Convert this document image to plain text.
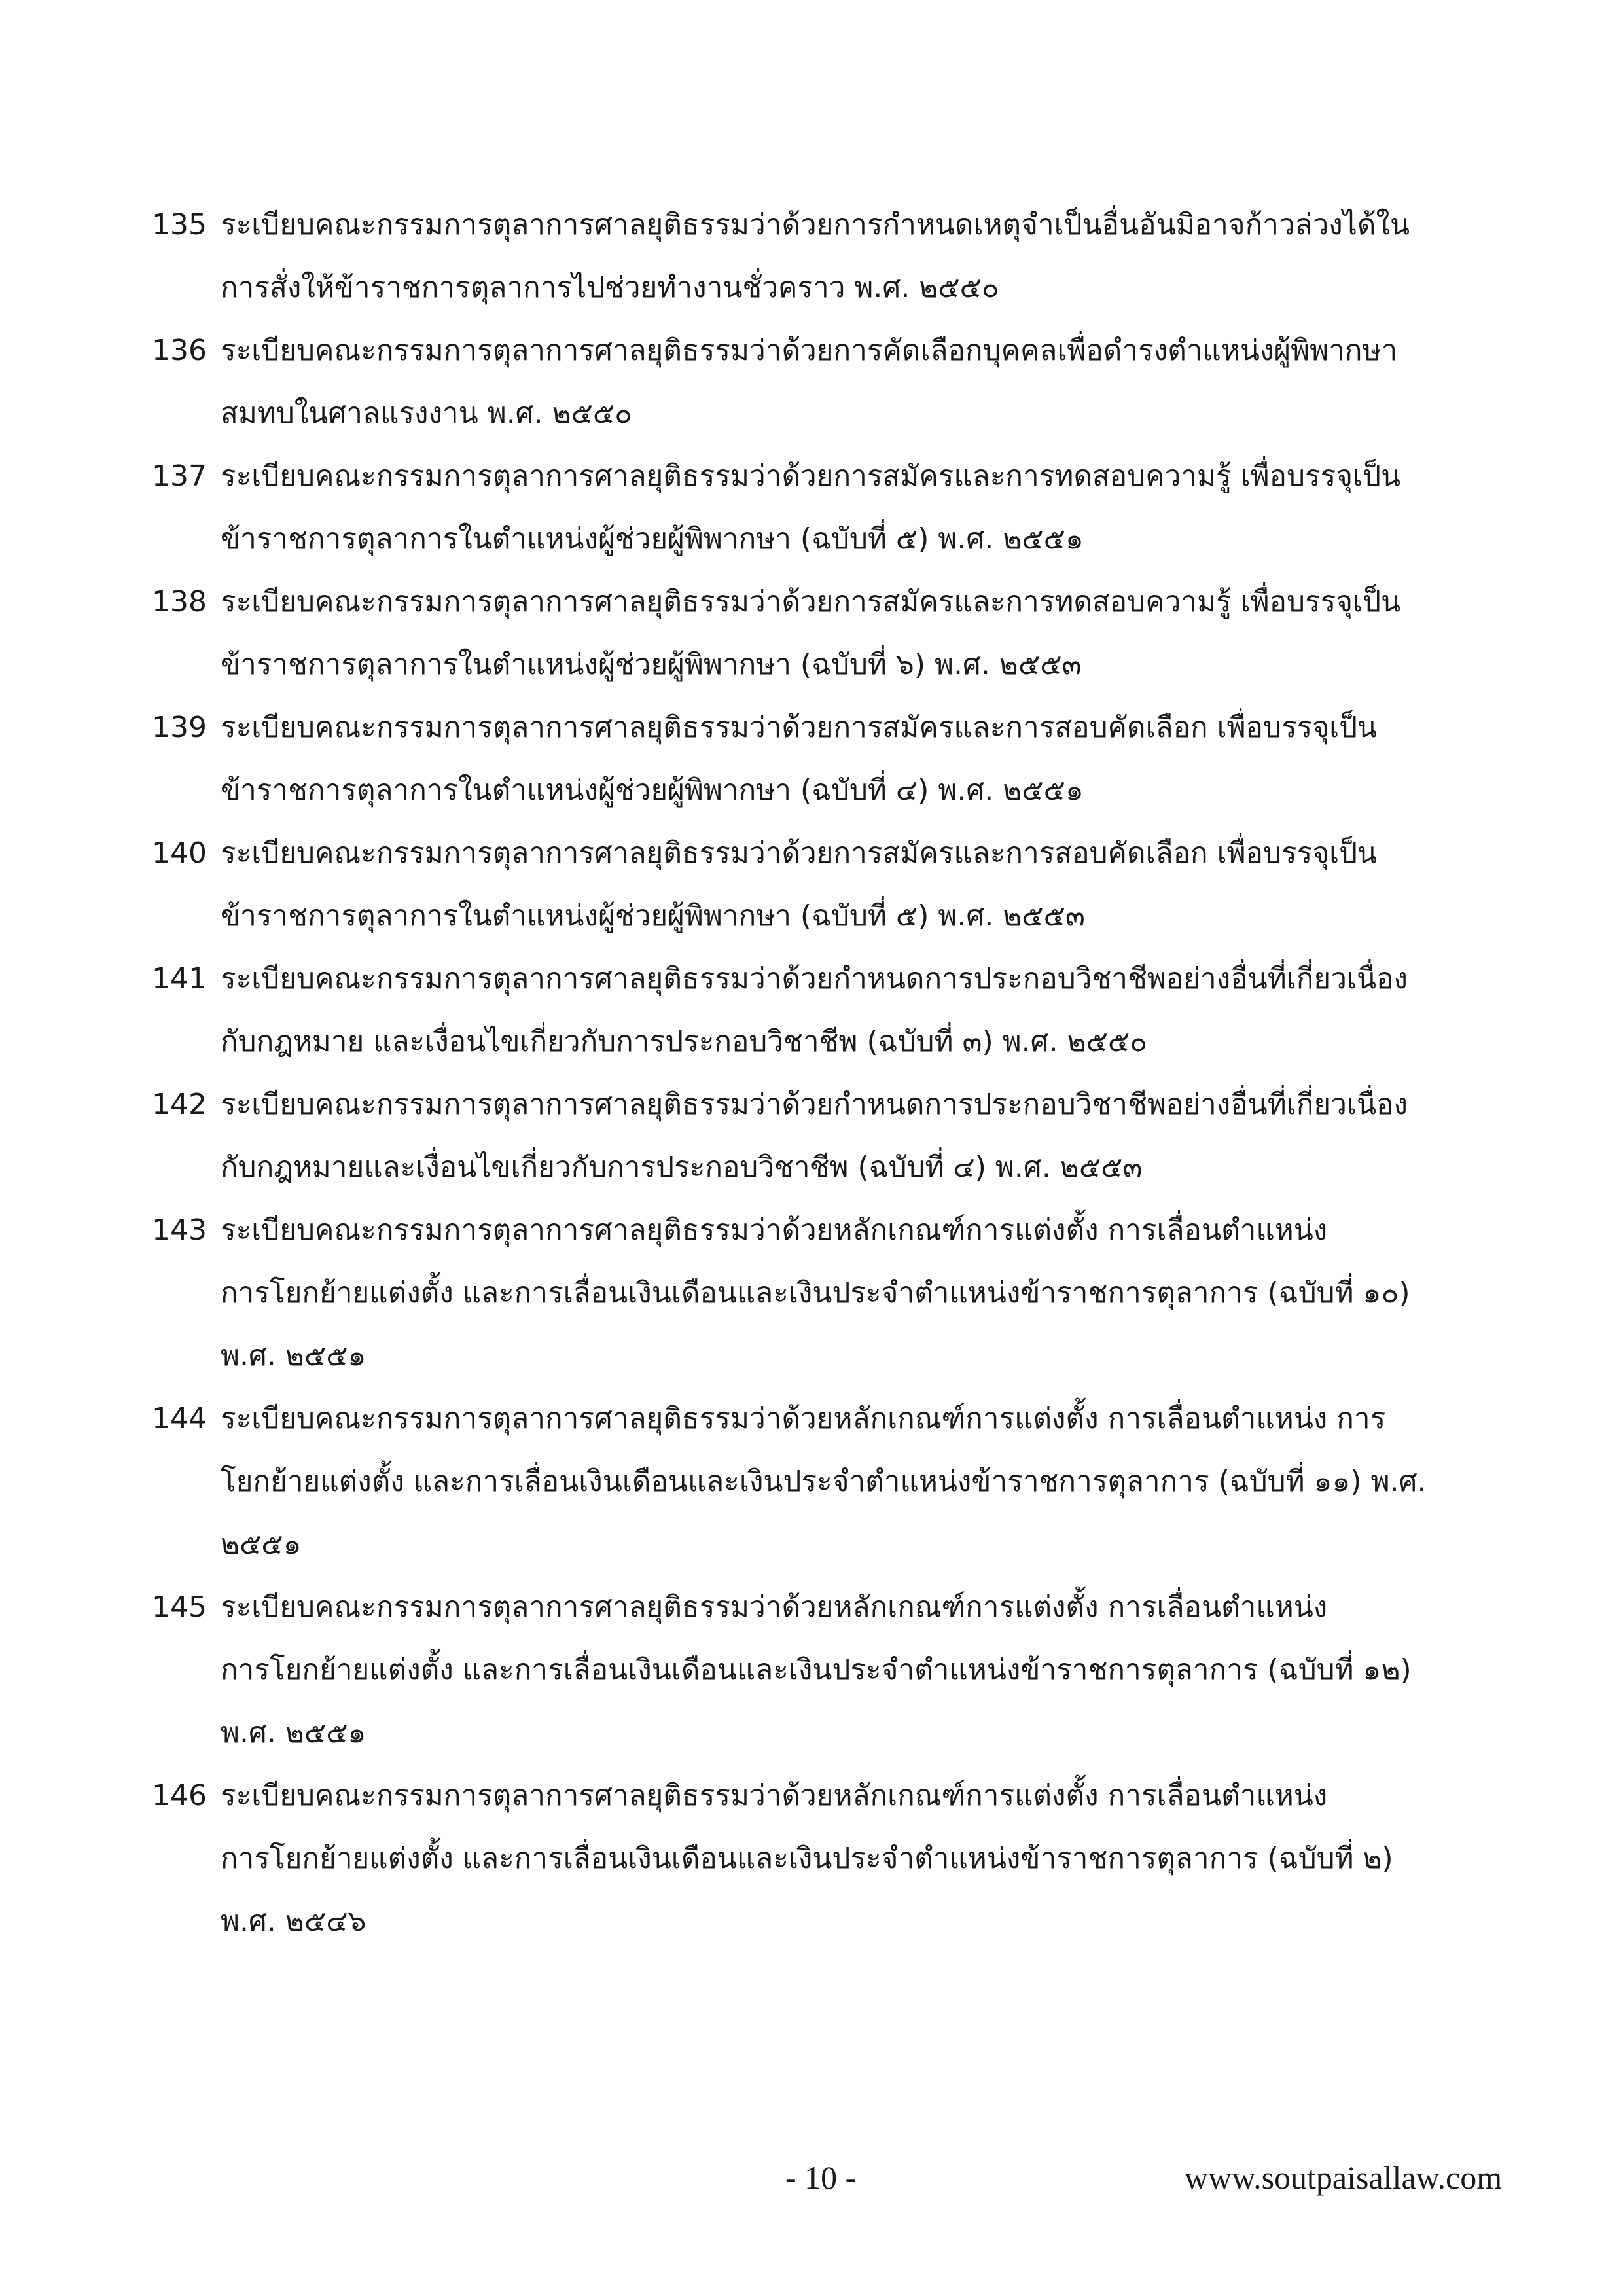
135 ระเบียบคณะกรรมการตุลาการศาลยุติธรรมว่าด้วยการกำหนดเหตุจำเป็นอื่นอันมิอาจก้าวล่วงได้ใน
การสั่งให้ข้าราชการตุลาการไปช่วยทำงานชั่วคราว พ.ศ. ๒๕๕๐
136 ระเบียบคณะกรรมการตุลาการศาลยุติธรรมว่าด้วยการคัดเลือกบุคคลเพื่อดำรงตำแหน่งผู้พิพากษา
สมทบในศาลแรงงาน พ.ศ. ๒๕๕๐
137 ระเบียบคณะกรรมการตุลาการศาลยุติธรรมว่าด้วยการสมัครและการทดสอบความรู้ เพื่อบรรจุเป็น
ข้าราชการตุลาการในตำแหน่งผู้ช่วยผู้พิพากษา (ฉบับที่ ๕) พ.ศ. ๒๕๕๑
138 ระเบียบคณะกรรมการตุลาการศาลยุติธรรมว่าด้วยการสมัครและการทดสอบความรู้ เพื่อบรรจุเป็น
ข้าราชการตุลาการในตำแหน่งผู้ช่วยผู้พิพากษา (ฉบับที่ ๖) พ.ศ. ๒๕๕๓
139 ระเบียบคณะกรรมการตุลาการศาลยุติธรรมว่าด้วยการสมัครและการสอบคัดเลือก เพื่อบรรจุเป็น
ข้าราชการตุลาการในตำแหน่งผู้ช่วยผู้พิพากษา (ฉบับที่ ๔) พ.ศ. ๒๕๕๑
140 ระเบียบคณะกรรมการตุลาการศาลยุติธรรมว่าด้วยการสมัครและการสอบคัดเลือก เพื่อบรรจุเป็น
ข้าราชการตุลาการในตำแหน่งผู้ช่วยผู้พิพากษา (ฉบับที่ ๕) พ.ศ. ๒๕๕๓
141 ระเบียบคณะกรรมการตุลาการศาลยุติธรรมว่าด้วยกำหนดการประกอบวิชาชีพอย่างอื่นที่เกี่ยวเนื่อง
กับกฎหมาย และเงื่อนไขเกี่ยวกับการประกอบวิชาชีพ (ฉบับที่ ๓) พ.ศ. ๒๕๕๐
142 ระเบียบคณะกรรมการตุลาการศาลยุติธรรมว่าด้วยกำหนดการประกอบวิชาชีพอย่างอื่นที่เกี่ยวเนื่อง
กับกฎหมายและเงื่อนไขเกี่ยวกับการประกอบวิชาชีพ (ฉบับที่ ๔) พ.ศ. ๒๕๕๓
143 ระเบียบคณะกรรมการตุลาการศาลยุติธรรมว่าด้วยหลักเกณฑ์การแต่งตั้ง การเลื่อนตำแหน่ง
การโยกย้ายแต่งตั้ง และการเลื่อนเงินเดือนและเงินประจำตำแหน่งข้าราชการตุลาการ (ฉบับที่ ๑๐)
พ.ศ. ๒๕๕๑
144 ระเบียบคณะกรรมการตุลาการศาลยุติธรรมว่าด้วยหลักเกณฑ์การแต่งตั้ง การเลื่อนตำแหน่ง การ
โยกย้ายแต่งตั้ง และการเลื่อนเงินเดือนและเงินประจำตำแหน่งข้าราชการตุลาการ (ฉบับที่ ๑๑) พ.ศ.
๒๕๕๑
145 ระเบียบคณะกรรมการตุลาการศาลยุติธรรมว่าด้วยหลักเกณฑ์การแต่งตั้ง การเลื่อนตำแหน่ง
การโยกย้ายแต่งตั้ง และการเลื่อนเงินเดือนและเงินประจำตำแหน่งข้าราชการตุลาการ (ฉบับที่ ๑๒)
พ.ศ. ๒๕๕๑
146 ระเบียบคณะกรรมการตุลาการศาลยุติธรรมว่าด้วยหลักเกณฑ์การแต่งตั้ง การเลื่อนตำแหน่ง
การโยกย้ายแต่งตั้ง และการเลื่อนเงินเดือนและเงินประจำตำแหน่งข้าราชการตุลาการ (ฉบับที่ ๒)
พ.ศ. ๒๕๔๖
- 10 -	www.soutpaisallaw.com
